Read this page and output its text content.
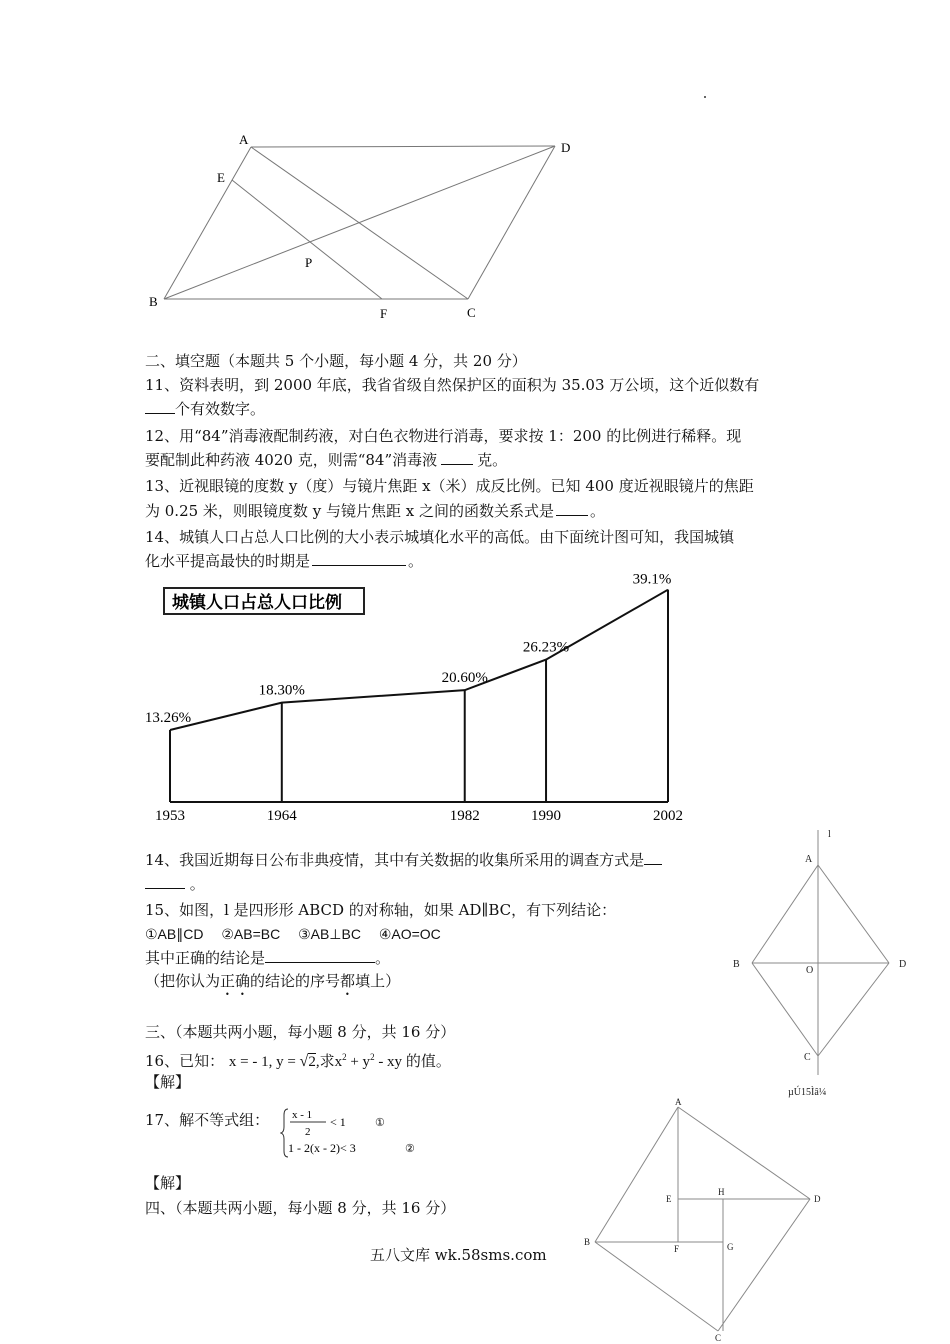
A
D
E
P
B
F	C
二、填空题（本题共 5 个小题，每小题 4 分，共 20 分）
11、资料表明，到 2000 年底，我省省级自然保护区的面积为 35.03 万公顷，这个近似数有
个有效数字。
12、用“84”消毒液配制药液，对白色衣物进行消毒，要求按 1：200 的比例进行稀释。现
要配制此种药液 4020 克，则需“84”消毒液	克。
13、近视眼镜的度数 y（度）与镜片焦距 x（米）成反比例。已知 400 度近视眼镜片的焦距
为 0.25 米，则眼镜度数 y 与镜片焦距 x 之间的函数关系式是 。
14、城镇人口占总人口比例的大小表示城填化水平的高低。由下面统计图可知，我国城镇
化水平提高最快的时期是	。
城镇人口占总人口比例
1953
13.26%
1964
18.30%
1982
20.60%
1990
26.23%
2002
39.1%
14、我国近期每日公布非典疫情，其中有关数据的收集所采用的调查方式是
。
15、如图，l 是四形形 ABCD 的对称轴，如果 AD∥BC，有下列结论：
①AB∥CD　 ②AB=BC　 ③AB⊥BC　 ④AO=OC
其中正确的结论是	。
（把你认为正确的结论的序号都填上）
l
A
B
O
D
C
µÚ15Ìâ¼
三、（本题共两小题，每小题 8 分，共 16 分）
16、已知： x = - 1, y = √2,求$x^2 + y^2$ - xy 的值。
【解】
17、解不等式组： x - 1
2
< 1	①
1 - 2(x - 2)< 3	②
【解】
四、（本题共两小题，每小题 8 分，共 16 分）
A
E
H
D
B
F	G
C
五八文库 wk.58sms.com
